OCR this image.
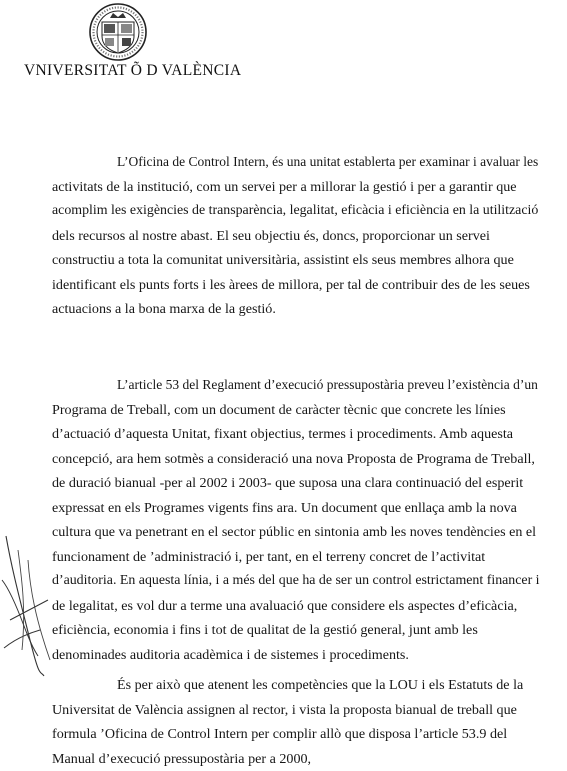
VNIVERSITAT Õ D VALÈNCIA

L’Oficina de Control Intern, és una unitat establerta per examinar i avaluar les
activitats de la institució, com un servei per a millorar la gestió i per a garantir que
acomplim les exigències de transparència, legalitat, eficàcia i eficiència en la utilització
dels recursos al nostre abast. El seu objectiu és, doncs, proporcionar un servei
constructiu a tota la comunitat universitària, assistint els seus membres alhora que
identificant els punts forts i les àrees de millora, per tal de contribuir des de les seues
actuacions a la bona marxa de la gestió.

L’article 53 del Reglament d’execució pressupostària preveu l’existència d’un
Programa de Treball, com un document de caràcter tècnic que concrete les línies
d’actuació d’aquesta Unitat, fixant objectius, termes i procediments. Amb aquesta
concepció, ara hem sotmès a consideració una nova Proposta de Programa de Treball,
de duració bianual -per al 2002 i 2003- que suposa una clara continuació del esperit
expressat en els Programes vigents fins ara. Un document que enllaça amb la nova
cultura que va penetrant en el sector públic en sintonia amb les noves tendències en el
funcionament de ’administració i, per tant, en el terreny concret de l’activitat
d’auditoria. En aquesta línia, i a més del que ha de ser un control estrictament financer i
de legalitat, es vol dur a terme una avaluació que considere els aspectes d’eficàcia,
eficiència, economia i fins i tot de qualitat de la gestió general, junt amb les
denominades auditoria acadèmica i de sistemes i procediments.

És per això que atenent les competències que la LOU i els Estatuts de la
Universitat de València assignen al rector, i vista la proposta bianual de treball que
formula ’Oficina de Control Intern per complir allò que disposa l’article 53.9 del
Manual d’execució pressupostària per a 2000,
